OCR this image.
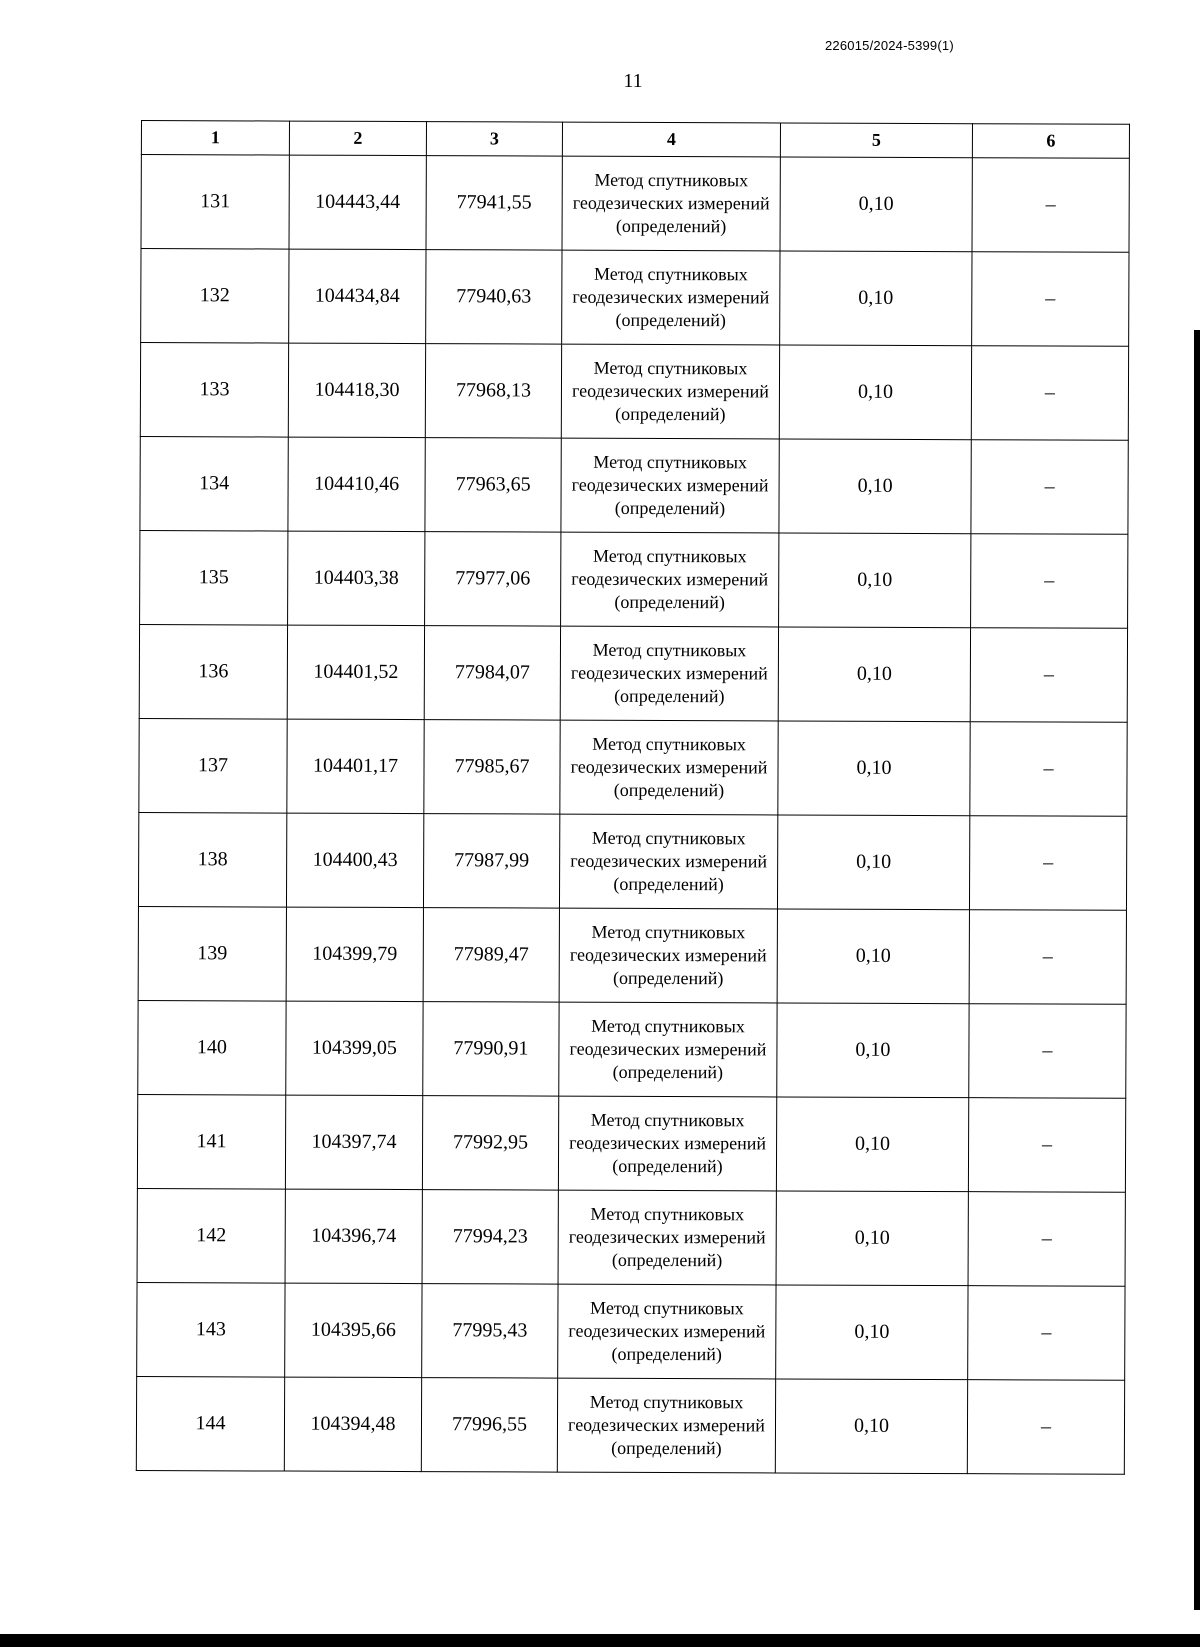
226015/2024-5399(1)
11
1	2	3	4	5	6
131	104443,44	77941,55	Метод спутниковых геодезических измерений (определений)	0,10	–
132	104434,84	77940,63	Метод спутниковых геодезических измерений (определений)	0,10	–
133	104418,30	77968,13	Метод спутниковых геодезических измерений (определений)	0,10	–
134	104410,46	77963,65	Метод спутниковых геодезических измерений (определений)	0,10	–
135	104403,38	77977,06	Метод спутниковых геодезических измерений (определений)	0,10	–
136	104401,52	77984,07	Метод спутниковых геодезических измерений (определений)	0,10	–
137	104401,17	77985,67	Метод спутниковых геодезических измерений (определений)	0,10	–
138	104400,43	77987,99	Метод спутниковых геодезических измерений (определений)	0,10	–
139	104399,79	77989,47	Метод спутниковых геодезических измерений (определений)	0,10	–
140	104399,05	77990,91	Метод спутниковых геодезических измерений (определений)	0,10	–
141	104397,74	77992,95	Метод спутниковых геодезических измерений (определений)	0,10	–
142	104396,74	77994,23	Метод спутниковых геодезических измерений (определений)	0,10	–
143	104395,66	77995,43	Метод спутниковых геодезических измерений (определений)	0,10	–
144	104394,48	77996,55	Метод спутниковых геодезических измерений (определений)	0,10	–
